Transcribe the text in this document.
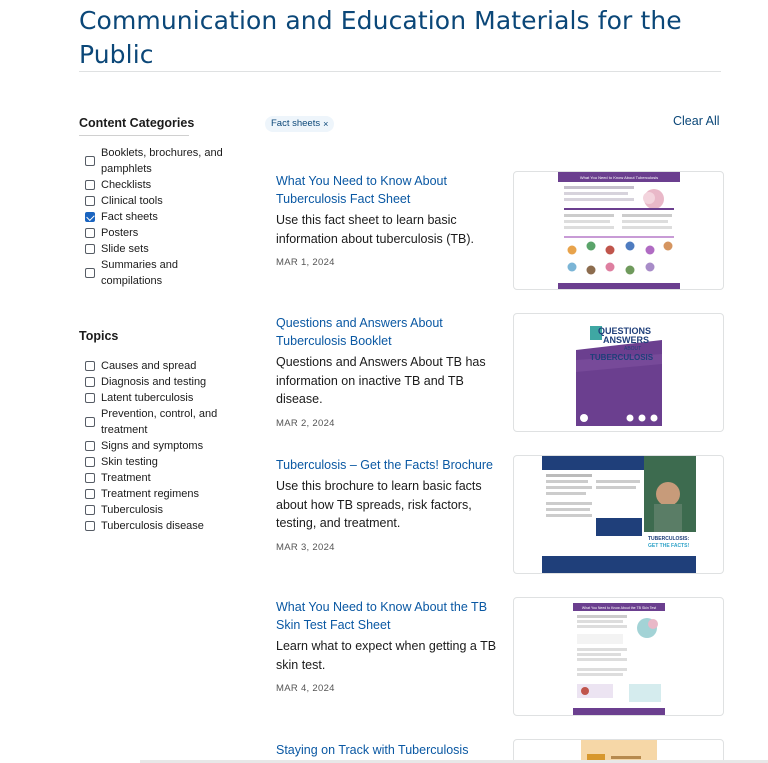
Communication and Education Materials for the Public
Content Categories
Booklets, brochures, and pamphlets
Checklists
Clinical tools
Fact sheets
Posters
Slide sets
Summaries and compilations
Topics
Causes and spread
Diagnosis and testing
Latent tuberculosis
Prevention, control, and treatment
Signs and symptoms
Skin testing
Treatment
Treatment regimens
Tuberculosis
Tuberculosis disease
Fact sheets ×	Clear All
What You Need to Know About Tuberculosis Fact Sheet

Use this fact sheet to learn basic information about tuberculosis (TB).

MAR 1, 2024

What You Need to Know About Tuberculosis
Questions and Answers About Tuberculosis Booklet

Questions and Answers About TB has information on inactive TB and TB disease.

MAR 2, 2024

QUESTIONS
ANSWERS
ABOUT
TUBERCULOSIS
Tuberculosis – Get the Facts! Brochure

Use this brochure to learn basic facts about how TB spreads, risk factors, testing, and treatment.

MAR 3, 2024

TUBERCULOSIS:
GET THE FACTS!
What You Need to Know About the TB Skin Test Fact Sheet

Learn what to expect when getting a TB skin test.

MAR 4, 2024

What You Need to Know About the TB Skin Test
Staying on Track with Tuberculosis
